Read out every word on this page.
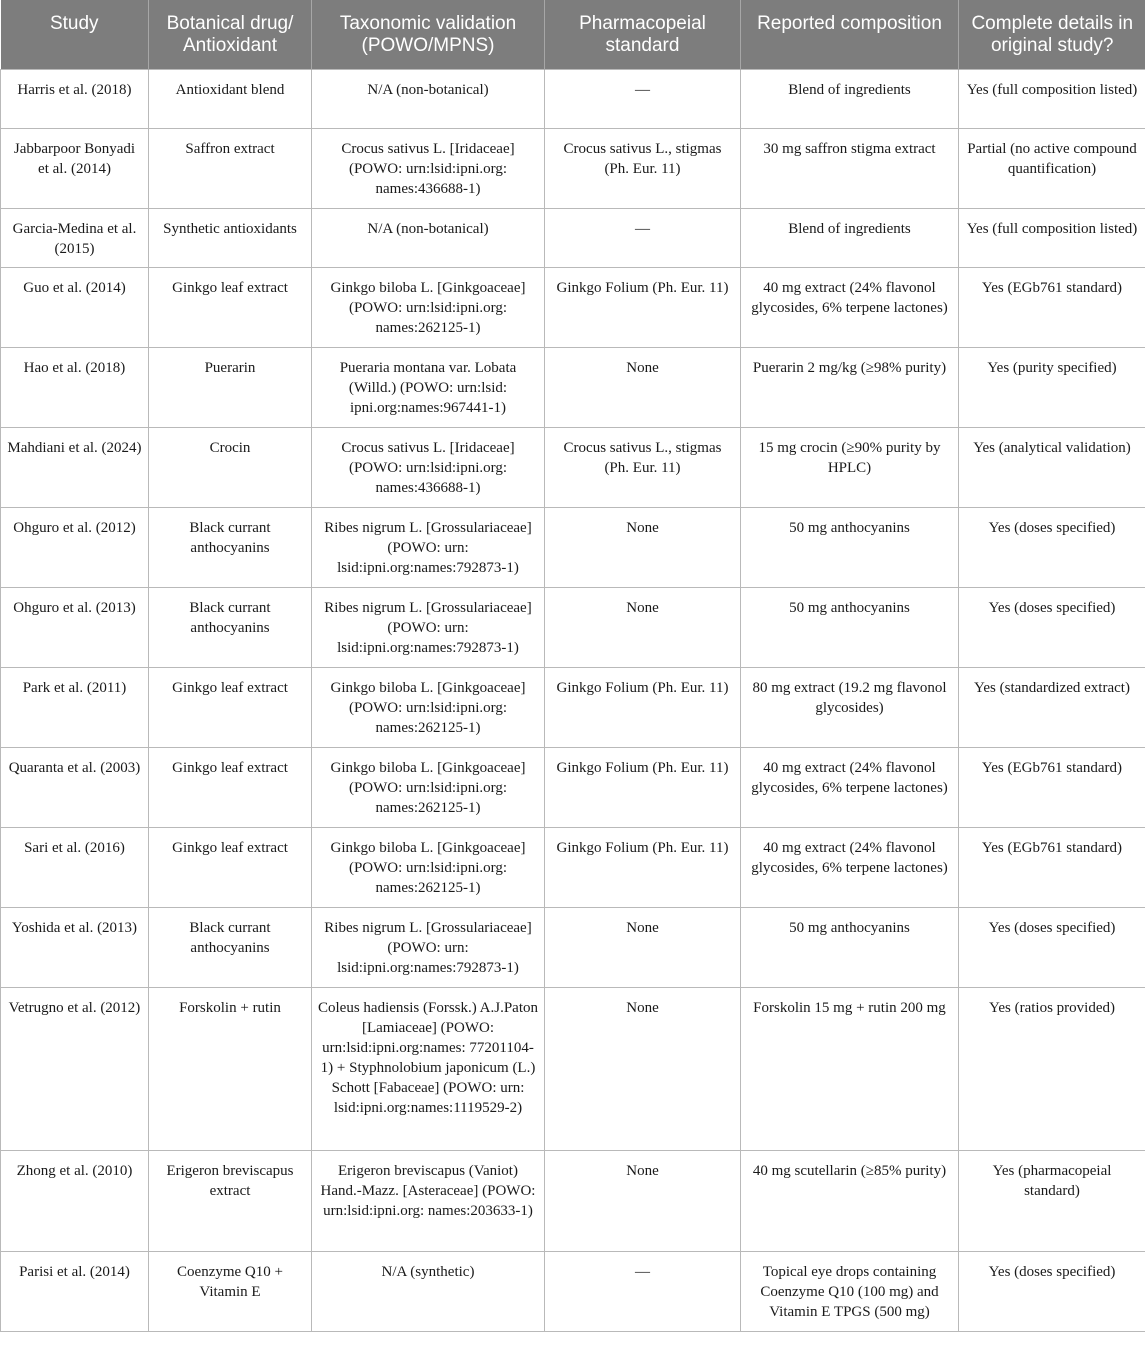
Study	Botanical drug/ Antioxidant	Taxonomic validation (POWO/MPNS)	Pharmacopeial standard	Reported composition	Complete details in original study?
Harris et al. (2018)	Antioxidant blend	N/A (non-botanical)	—	Blend of ingredients	Yes (full composition listed)
Jabbarpoor Bonyadi et al. (2014)	Saffron extract	Crocus sativus L. [Iridaceae] (POWO: urn:lsid:ipni.org: names:436688-1)	Crocus sativus L., stigmas (Ph. Eur. 11)	30 mg saffron stigma extract	Partial (no active compound quantification)
Garcia-Medina et al. (2015)	Synthetic antioxidants	N/A (non-botanical)	—	Blend of ingredients	Yes (full composition listed)
Guo et al. (2014)	Ginkgo leaf extract	Ginkgo biloba L. [Ginkgoaceae] (POWO: urn:lsid:ipni.org: names:262125-1)	Ginkgo Folium (Ph. Eur. 11)	40 mg extract (24% flavonol glycosides, 6% terpene lactones)	Yes (EGb761 standard)
Hao et al. (2018)	Puerarin	Pueraria montana var. Lobata (Willd.) (POWO: urn:lsid: ipni.org:names:967441-1)	None	Puerarin 2 mg/kg (≥98% purity)	Yes (purity specified)
Mahdiani et al. (2024)	Crocin	Crocus sativus L. [Iridaceae] (POWO: urn:lsid:ipni.org: names:436688-1)	Crocus sativus L., stigmas (Ph. Eur. 11)	15 mg crocin (≥90% purity by HPLC)	Yes (analytical validation)
Ohguro et al. (2012)	Black currant anthocyanins	Ribes nigrum L. [Grossulariaceae] (POWO: urn: lsid:ipni.org:names:792873-1)	None	50 mg anthocyanins	Yes (doses specified)
Ohguro et al. (2013)	Black currant anthocyanins	Ribes nigrum L. [Grossulariaceae] (POWO: urn: lsid:ipni.org:names:792873-1)	None	50 mg anthocyanins	Yes (doses specified)
Park et al. (2011)	Ginkgo leaf extract	Ginkgo biloba L. [Ginkgoaceae] (POWO: urn:lsid:ipni.org: names:262125-1)	Ginkgo Folium (Ph. Eur. 11)	80 mg extract (19.2 mg flavonol glycosides)	Yes (standardized extract)
Quaranta et al. (2003)	Ginkgo leaf extract	Ginkgo biloba L. [Ginkgoaceae] (POWO: urn:lsid:ipni.org: names:262125-1)	Ginkgo Folium (Ph. Eur. 11)	40 mg extract (24% flavonol glycosides, 6% terpene lactones)	Yes (EGb761 standard)
Sari et al. (2016)	Ginkgo leaf extract	Ginkgo biloba L. [Ginkgoaceae] (POWO: urn:lsid:ipni.org: names:262125-1)	Ginkgo Folium (Ph. Eur. 11)	40 mg extract (24% flavonol glycosides, 6% terpene lactones)	Yes (EGb761 standard)
Yoshida et al. (2013)	Black currant anthocyanins	Ribes nigrum L. [Grossulariaceae] (POWO: urn: lsid:ipni.org:names:792873-1)	None	50 mg anthocyanins	Yes (doses specified)
Vetrugno et al. (2012)	Forskolin + rutin	Coleus hadiensis (Forssk.) A.J.Paton [Lamiaceae] (POWO: urn:lsid:ipni.org:names: 77201104-1) + Styphnolobium japonicum (L.) Schott [Fabaceae] (POWO: urn: lsid:ipni.org:names:1119529-2)	None	Forskolin 15 mg + rutin 200 mg	Yes (ratios provided)
Zhong et al. (2010)	Erigeron breviscapus extract	Erigeron breviscapus (Vaniot) Hand.-Mazz. [Asteraceae] (POWO: urn:lsid:ipni.org: names:203633-1)	None	40 mg scutellarin (≥85% purity)	Yes (pharmacopeial standard)
Parisi et al. (2014)	Coenzyme Q10 + Vitamin E	N/A (synthetic)	—	Topical eye drops containing Coenzyme Q10 (100 mg) and Vitamin E TPGS (500 mg)	Yes (doses specified)
